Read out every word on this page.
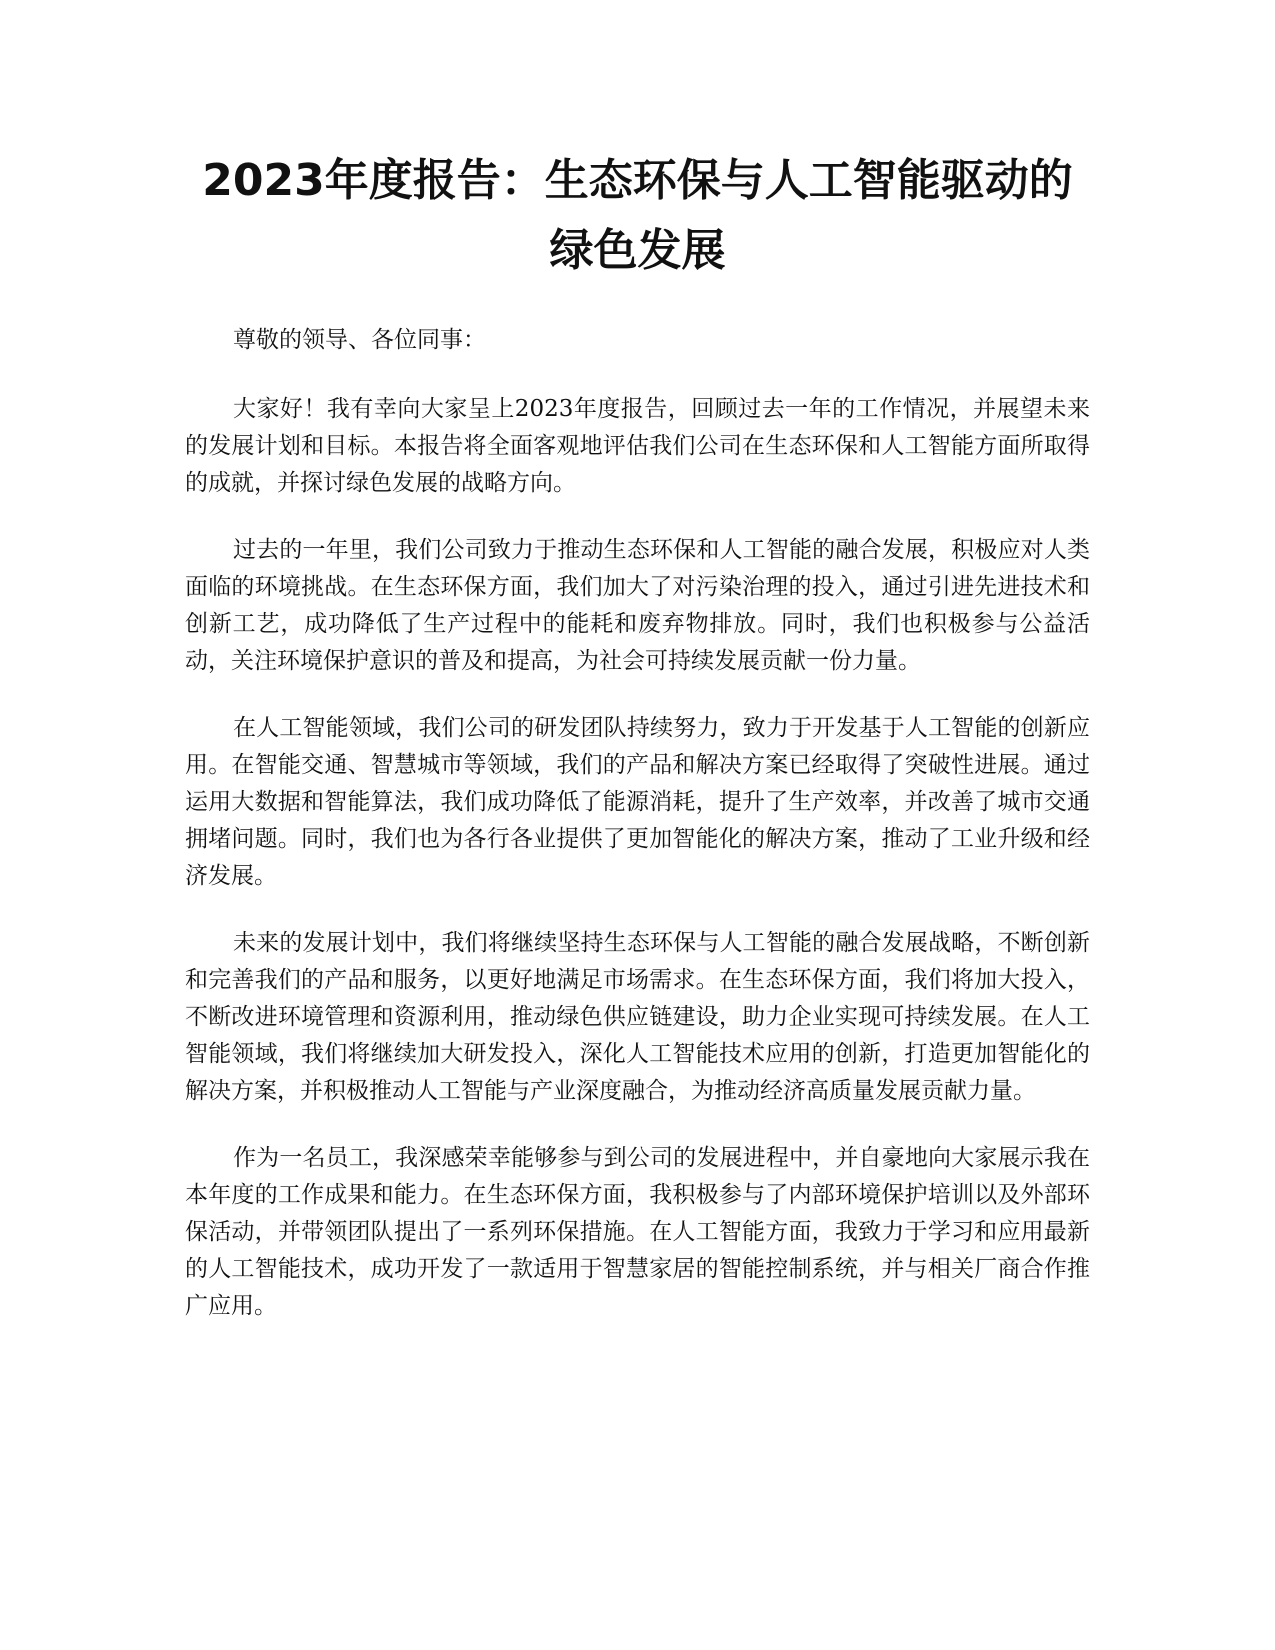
2023年度报告：生态环保与人工智能驱动的
绿色发展

尊敬的领导、各位同事：

大家好！我有幸向大家呈上2023年度报告，回顾过去一年的工作情况，并展望未来的发展计划和目标。本报告将全面客观地评估我们公司在生态环保和人工智能方面所取得的成就，并探讨绿色发展的战略方向。

过去的一年里，我们公司致力于推动生态环保和人工智能的融合发展，积极应对人类面临的环境挑战。在生态环保方面，我们加大了对污染治理的投入，通过引进先进技术和创新工艺，成功降低了生产过程中的能耗和废弃物排放。同时，我们也积极参与公益活动，关注环境保护意识的普及和提高，为社会可持续发展贡献一份力量。

在人工智能领域，我们公司的研发团队持续努力，致力于开发基于人工智能的创新应用。在智能交通、智慧城市等领域，我们的产品和解决方案已经取得了突破性进展。通过运用大数据和智能算法，我们成功降低了能源消耗，提升了生产效率，并改善了城市交通拥堵问题。同时，我们也为各行各业提供了更加智能化的解决方案，推动了工业升级和经济发展。

未来的发展计划中，我们将继续坚持生态环保与人工智能的融合发展战略，不断创新和完善我们的产品和服务，以更好地满足市场需求。在生态环保方面，我们将加大投入，不断改进环境管理和资源利用，推动绿色供应链建设，助力企业实现可持续发展。在人工智能领域，我们将继续加大研发投入，深化人工智能技术应用的创新，打造更加智能化的解决方案，并积极推动人工智能与产业深度融合，为推动经济高质量发展贡献力量。

作为一名员工，我深感荣幸能够参与到公司的发展进程中，并自豪地向大家展示我在本年度的工作成果和能力。在生态环保方面，我积极参与了内部环境保护培训以及外部环保活动，并带领团队提出了一系列环保措施。在人工智能方面，我致力于学习和应用最新的人工智能技术，成功开发了一款适用于智慧家居的智能控制系统，并与相关厂商合作推广应用。
